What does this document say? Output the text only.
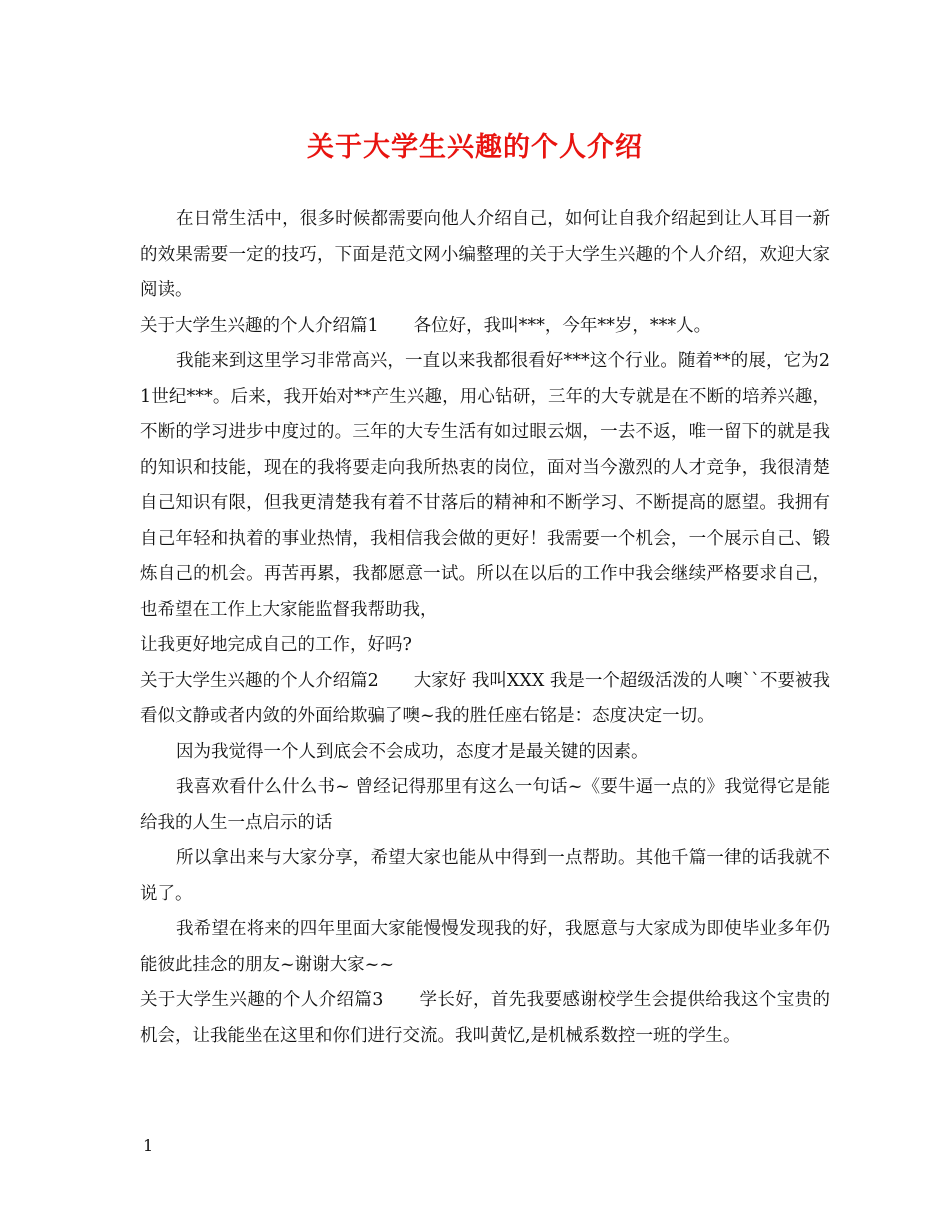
关于大学生兴趣的个人介绍

在日常生活中，很多时候都需要向他人介绍自己，如何让自我介绍起到让人耳目一新的效果需要一定的技巧，下面是范文网小编整理的关于大学生兴趣的个人介绍，欢迎大家阅读。

关于大学生兴趣的个人介绍篇1　　各位好，我叫***，今年**岁，***人。

我能来到这里学习非常高兴，一直以来我都很看好***这个行业。随着**的展，它为21世纪***。后来，我开始对**产生兴趣，用心钻研，三年的大专就是在不断的培养兴趣，不断的学习进步中度过的。三年的大专生活有如过眼云烟，一去不返，唯一留下的就是我的知识和技能，现在的我将要走向我所热衷的岗位，面对当今激烈的人才竞争，我很清楚自己知识有限，但我更清楚我有着不甘落后的精神和不断学习、不断提高的愿望。我拥有自己年轻和执着的事业热情，我相信我会做的更好！我需要一个机会，一个展示自己、锻炼自己的机会。再苦再累，我都愿意一试。所以在以后的工作中我会继续严格要求自己，也希望在工作上大家能监督我帮助我，

让我更好地完成自己的工作，好吗?

关于大学生兴趣的个人介绍篇2　　大家好 我叫XXX 我是一个超级活泼的人噢``不要被我看似文静或者内敛的外面给欺骗了噢~我的胜任座右铭是：态度决定一切。

因为我觉得一个人到底会不会成功，态度才是最关键的因素。

我喜欢看什么什么书~ 曾经记得那里有这么一句话~《要牛逼一点的》我觉得它是能给我的人生一点启示的话

所以拿出来与大家分享，希望大家也能从中得到一点帮助。其他千篇一律的话我就不说了。

我希望在将来的四年里面大家能慢慢发现我的好，我愿意与大家成为即使毕业多年仍能彼此挂念的朋友~谢谢大家~~

关于大学生兴趣的个人介绍篇3　　学长好，首先我要感谢校学生会提供给我这个宝贵的机会，让我能坐在这里和你们进行交流。我叫黄忆,是机械系数控一班的学生。

1
